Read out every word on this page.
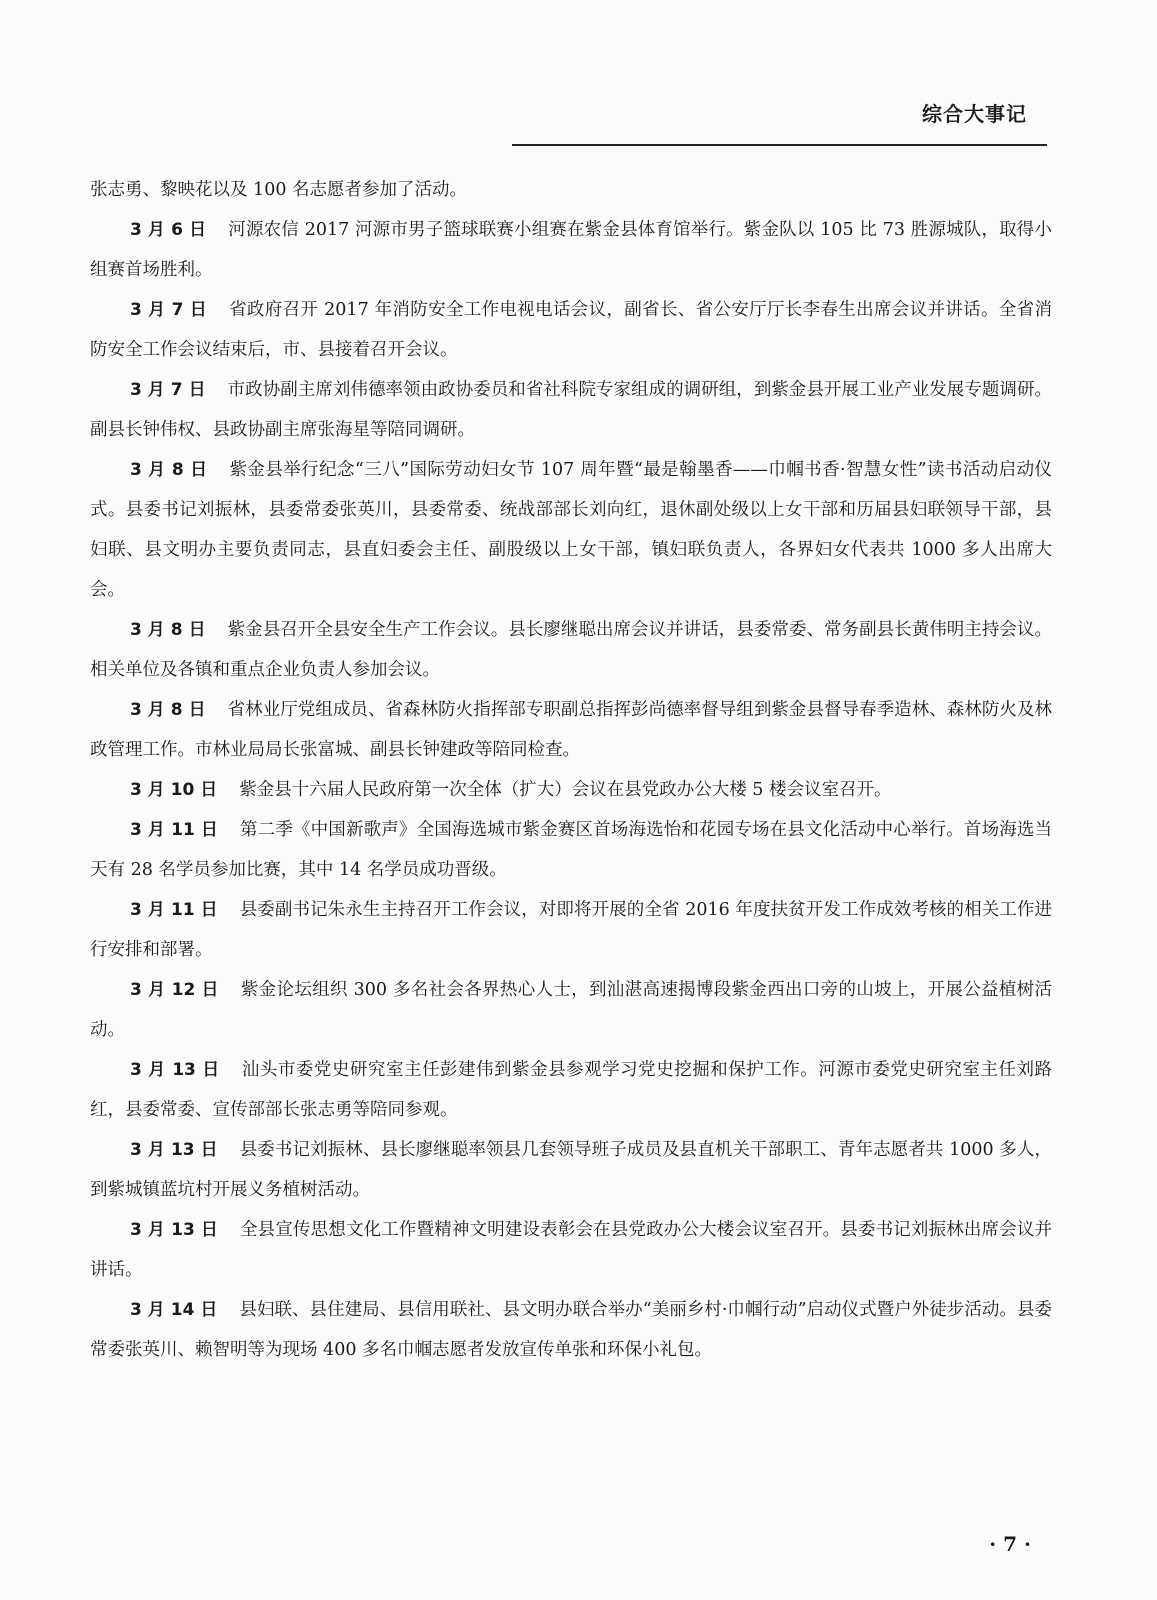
综合大事记

张志勇、黎映花以及 100 名志愿者参加了活动。

3 月 6 日 河源农信 2017 河源市男子篮球联赛小组赛在紫金县体育馆举行。紫金队以 105 比 73 胜源城队，取得小组赛首场胜利。

3 月 7 日 省政府召开 2017 年消防安全工作电视电话会议，副省长、省公安厅厅长李春生出席会议并讲话。全省消防安全工作会议结束后，市、县接着召开会议。

3 月 7 日 市政协副主席刘伟德率领由政协委员和省社科院专家组成的调研组，到紫金县开展工业产业发展专题调研。副县长钟伟权、县政协副主席张海星等陪同调研。

3 月 8 日 紫金县举行纪念“三八”国际劳动妇女节 107 周年暨“最是翰墨香——巾帼书香·智慧女性”读书活动启动仪式。县委书记刘振林，县委常委张英川，县委常委、统战部部长刘向红，退休副处级以上女干部和历届县妇联领导干部，县妇联、县文明办主要负责同志，县直妇委会主任、副股级以上女干部，镇妇联负责人，各界妇女代表共 1000 多人出席大会。

3 月 8 日 紫金县召开全县安全生产工作会议。县长廖继聪出席会议并讲话，县委常委、常务副县长黄伟明主持会议。相关单位及各镇和重点企业负责人参加会议。

3 月 8 日 省林业厅党组成员、省森林防火指挥部专职副总指挥彭尚德率督导组到紫金县督导春季造林、森林防火及林政管理工作。市林业局局长张富城、副县长钟建政等陪同检查。

3 月 10 日 紫金县十六届人民政府第一次全体（扩大）会议在县党政办公大楼 5 楼会议室召开。

3 月 11 日 第二季《中国新歌声》全国海选城市紫金赛区首场海选怡和花园专场在县文化活动中心举行。首场海选当天有 28 名学员参加比赛，其中 14 名学员成功晋级。

3 月 11 日 县委副书记朱永生主持召开工作会议，对即将开展的全省 2016 年度扶贫开发工作成效考核的相关工作进行安排和部署。

3 月 12 日 紫金论坛组织 300 多名社会各界热心人士，到汕湛高速揭博段紫金西出口旁的山坡上，开展公益植树活动。

3 月 13 日 汕头市委党史研究室主任彭建伟到紫金县参观学习党史挖掘和保护工作。河源市委党史研究室主任刘路红，县委常委、宣传部部长张志勇等陪同参观。

3 月 13 日 县委书记刘振林、县长廖继聪率领县几套领导班子成员及县直机关干部职工、青年志愿者共 1000 多人，到紫城镇蓝坑村开展义务植树活动。

3 月 13 日 全县宣传思想文化工作暨精神文明建设表彰会在县党政办公大楼会议室召开。县委书记刘振林出席会议并讲话。

3 月 14 日 县妇联、县住建局、县信用联社、县文明办联合举办“美丽乡村·巾帼行动”启动仪式暨户外徒步活动。县委常委张英川、赖智明等为现场 400 多名巾帼志愿者发放宣传单张和环保小礼包。

· 7 ·
